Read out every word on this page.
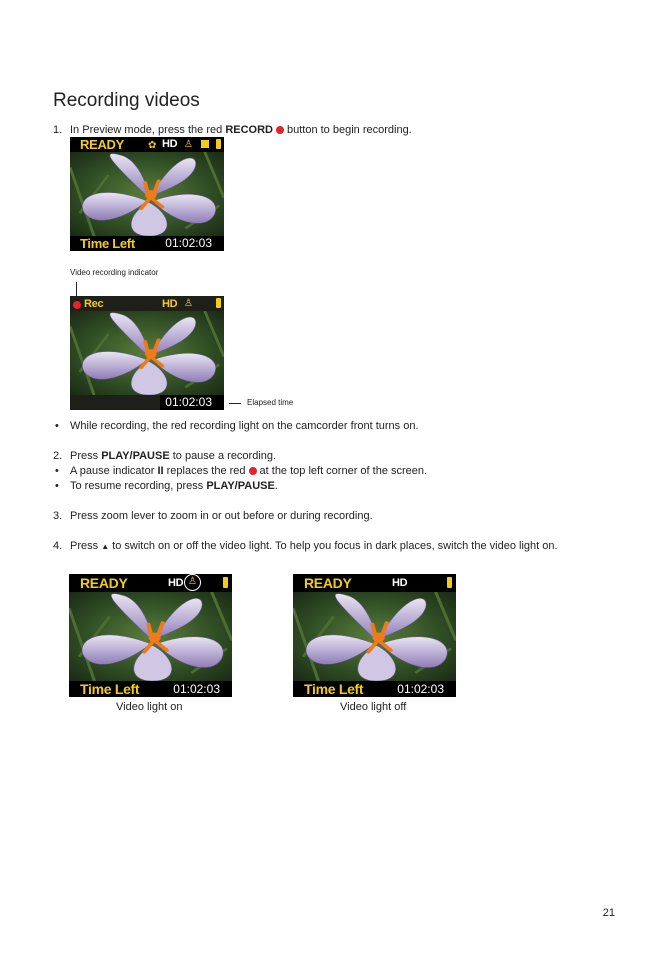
Recording videos
1. In Preview mode, press the red RECORD button to begin recording.
READY ✿ HD ♙
Time Left	01:02:03
Video recording indicator
Rec	HD ♙
01:02:03	Elapsed time
• While recording, the red recording light on the camcorder front turns on.
2. Press PLAY/PAUSE to pause a recording.
• A pause indicator II replaces the red at the top left corner of the screen.
• To resume recording, press PLAY/PAUSE.
3. Press zoom lever to zoom in or out before or during recording.
4. Press ▲ to switch on or off the video light. To help you focus in dark places, switch the video light on.
READY	HD ♙
Time Left	01:02:03
Video light on
READY	HD
Time Left	01:02:03
Video light off
21
